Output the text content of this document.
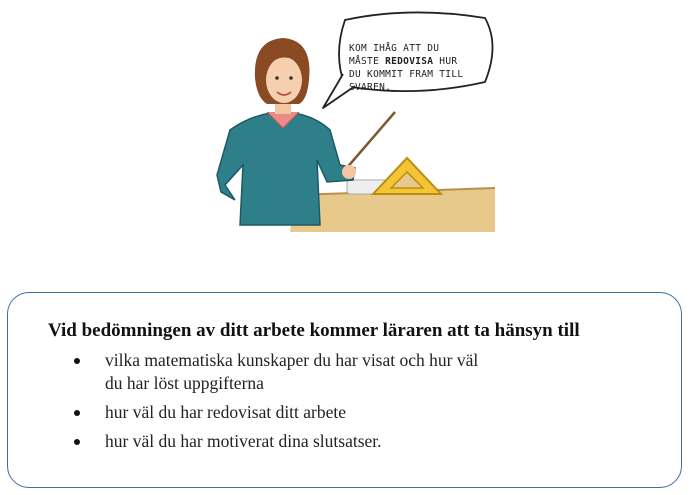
KOM IHÅG ATT DU
MÅSTE REDOVISA HUR
DU KOMMIT FRAM TILL
SVAREN.
Vid bedömningen av ditt arbete kommer läraren att ta hänsyn till
vilka matematiska kunskaper du har visat och hur väl
du har löst uppgifterna
hur väl du har redovisat ditt arbete
hur väl du har motiverat dina slutsatser.
